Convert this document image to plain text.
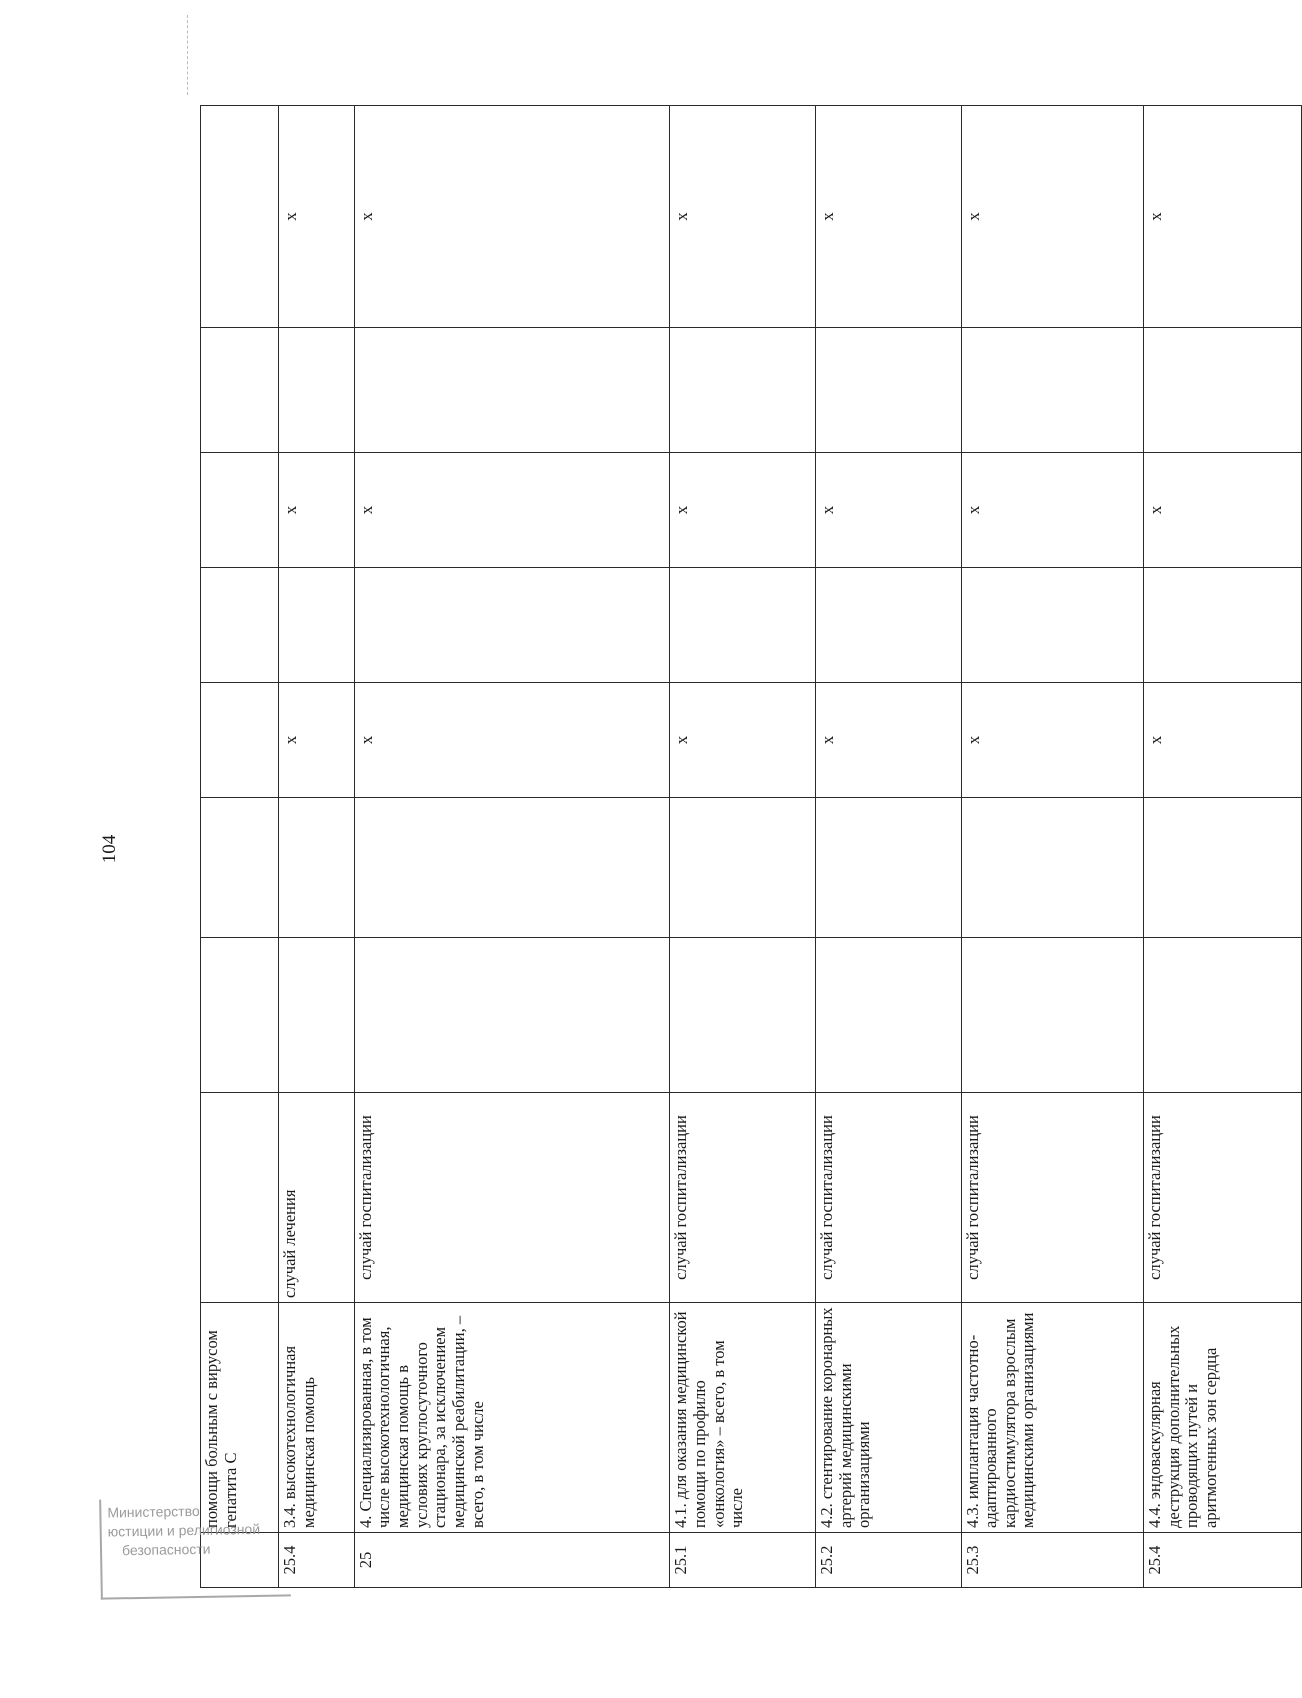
104
	помощи больным с вирусом гепатита С								
25.4	3.4. высокотехнологичная медицинская помощь	случай лечения			x		x		x
25	4. Специализированная, в том числе высокотехнологичная, медицинская помощь в условиях круглосуточного стационара, за исключением медицинской реабилитации, – всего, в том числе	случай госпитализации			x		x		x
25.1	4.1. для оказания медицинской помощи по профилю «онкология» – всего, в том числе	случай госпитализации			x		x		x
25.2	4.2. стентирование коронарных артерий медицинскими организациями	случай госпитализации			x		x		x
25.3	4.3. имплантация частотно-адаптированного кардиостимулятора взрослым медицинскими организациями	случай госпитализации			x		x		x
25.4	4.4. эндоваскулярная деструкция дополнительных проводящих путей и аритмогенных зон сердца	случай госпитализации			x		x		x
Министерство
юстиции и религиозной
безопасности
